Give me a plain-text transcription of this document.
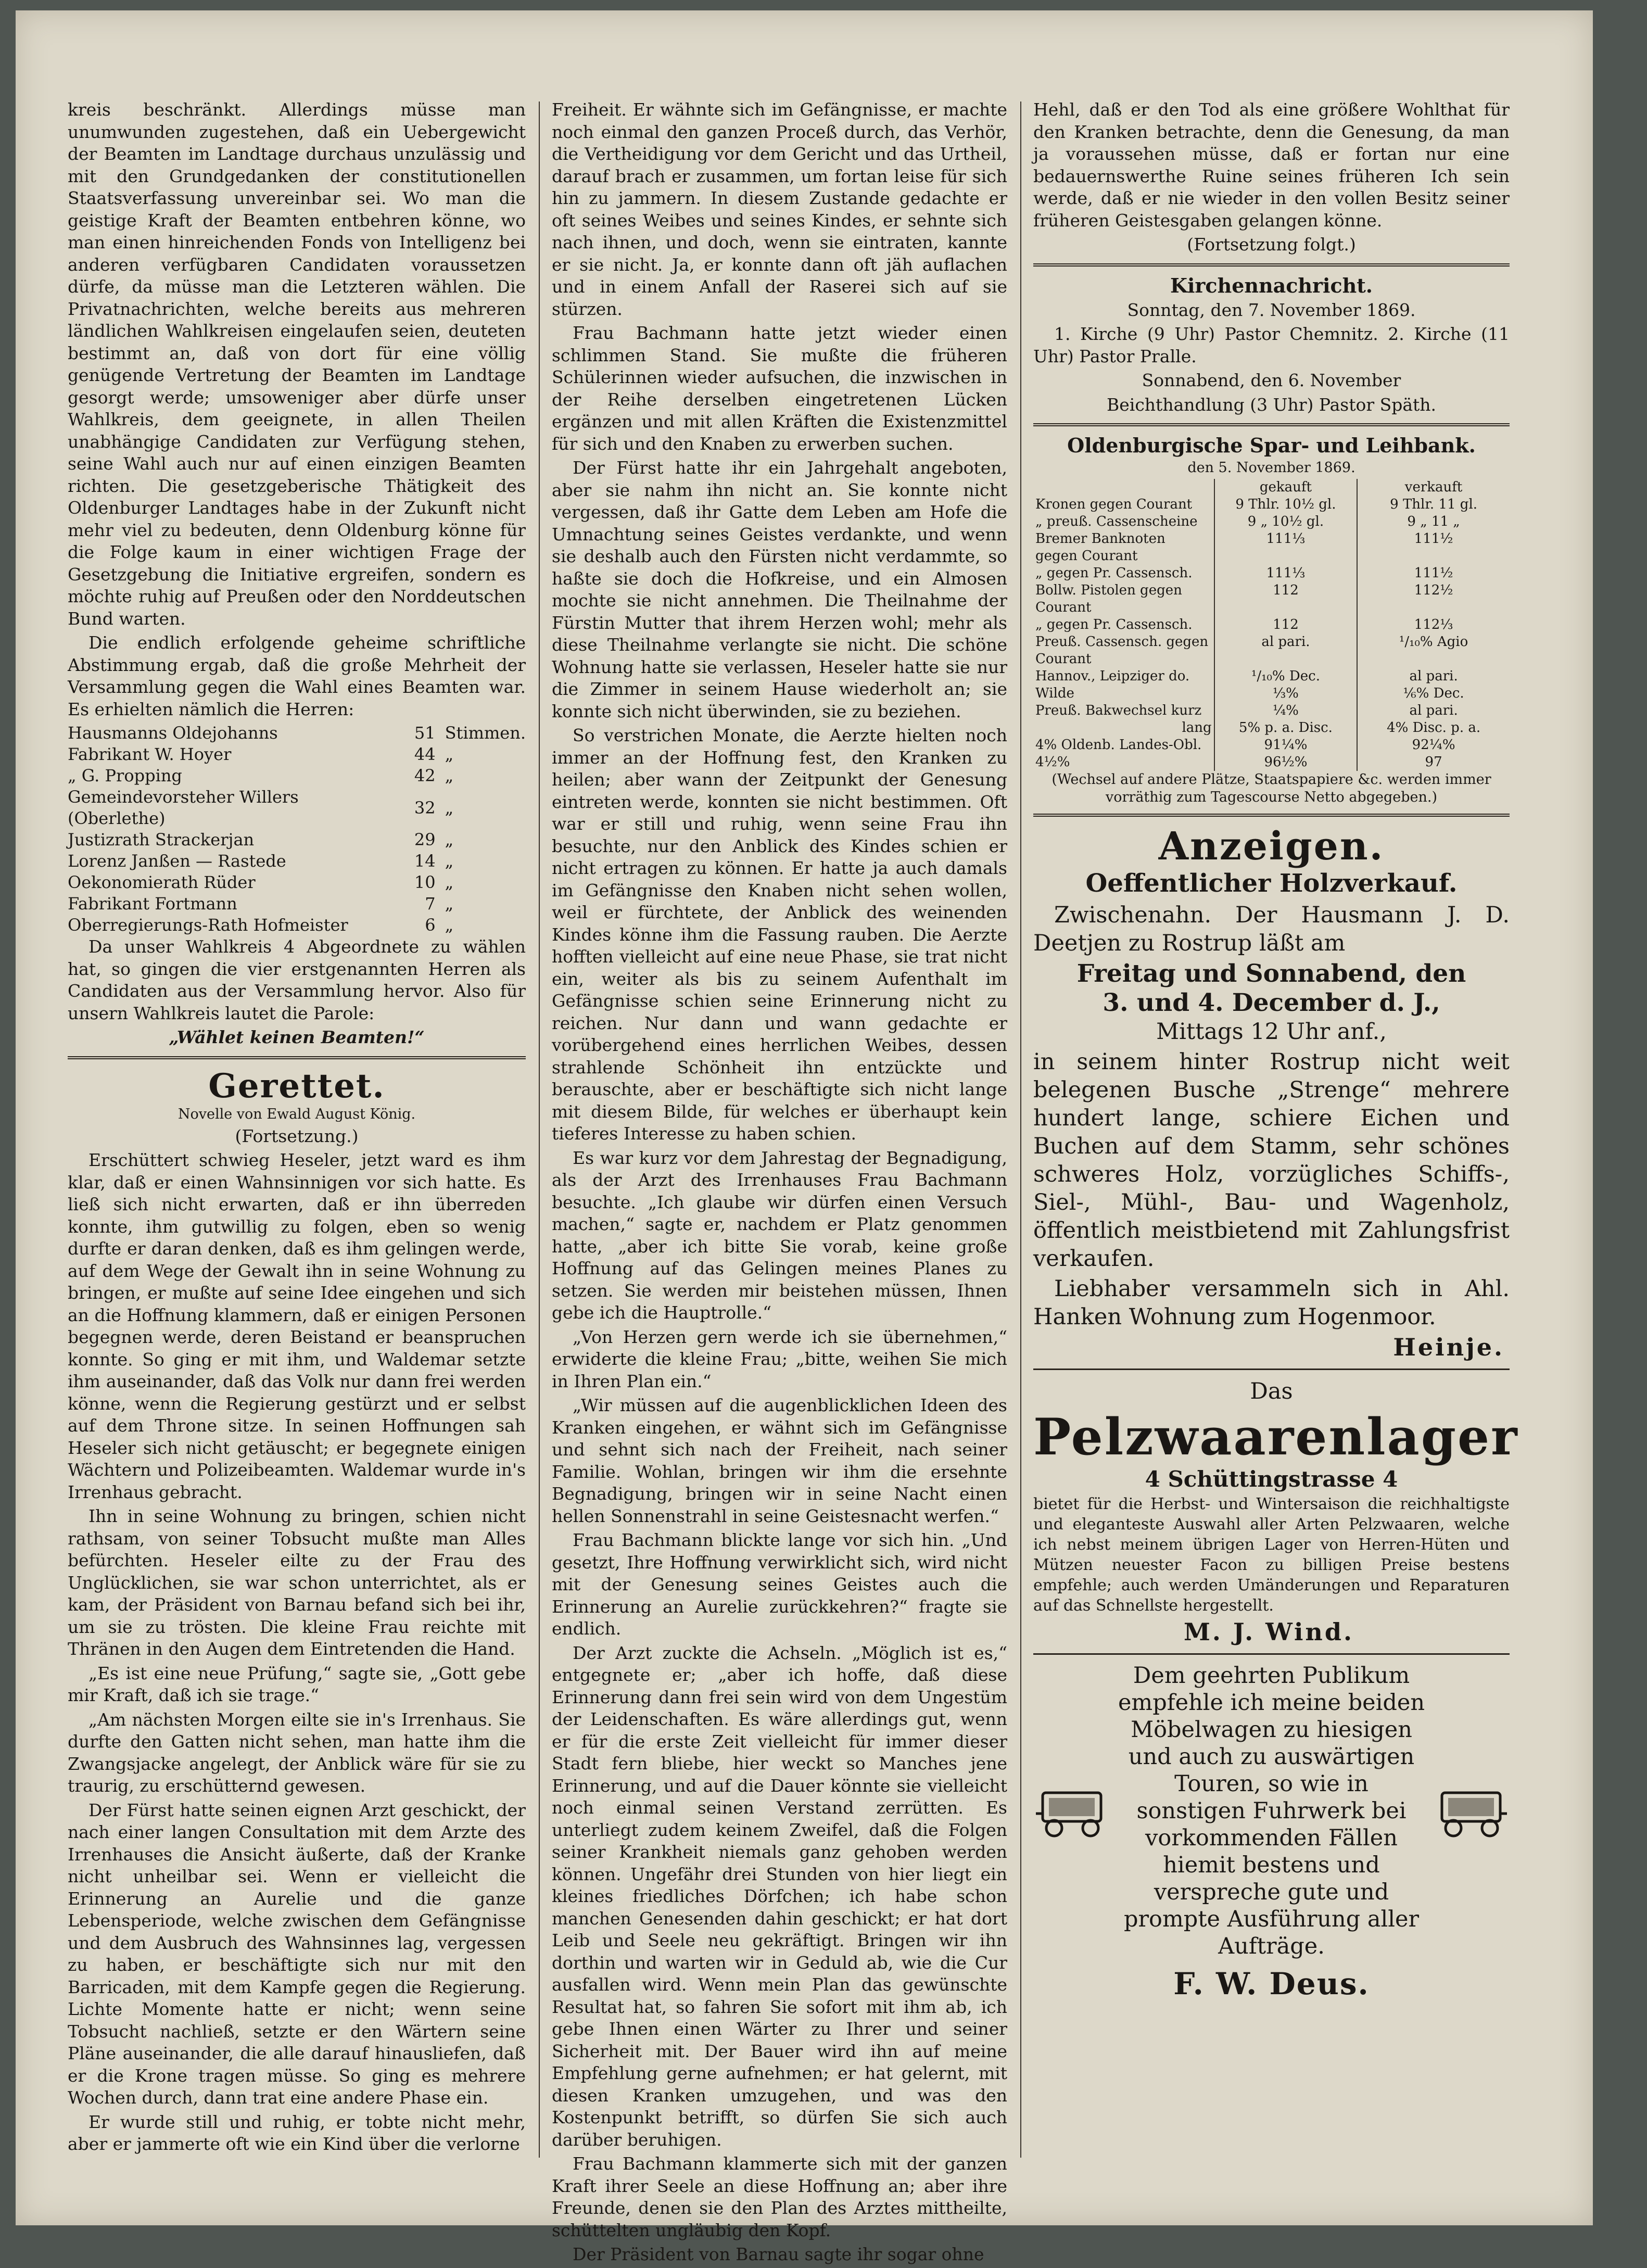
kreis beschränkt. Allerdings müsse man unumwunden zugestehen, daß ein Uebergewicht der Beamten im Landtage durchaus unzulässig und mit den Grundgedanken der constitutionellen Staatsverfassung unvereinbar sei. Wo man die geistige Kraft der Beamten entbehren könne, wo man einen hinreichenden Fonds von Intelligenz bei anderen verfügbaren Candidaten voraussetzen dürfe, da müsse man die Letzteren wählen. Die Privatnachrichten, welche bereits aus mehreren ländlichen Wahlkreisen eingelaufen seien, deuteten bestimmt an, daß von dort für eine völlig genügende Vertretung der Beamten im Landtage gesorgt werde; umsoweniger aber dürfe unser Wahlkreis, dem geeignete, in allen Theilen unabhängige Candidaten zur Verfügung stehen, seine Wahl auch nur auf einen einzigen Beamten richten. Die gesetzgeberische Thätigkeit des Oldenburger Landtages habe in der Zukunft nicht mehr viel zu bedeuten, denn Oldenburg könne für die Folge kaum in einer wichtigen Frage der Gesetzgebung die Initiative ergreifen, sondern es möchte ruhig auf Preußen oder den Norddeutschen Bund warten.

Die endlich erfolgende geheime schriftliche Abstimmung ergab, daß die große Mehrheit der Versammlung gegen die Wahl eines Beamten war. Es erhielten nämlich die Herren:

Hausmanns Oldejohanns	51	Stimmen.
Fabrikant W. Hoyer	44	„
„ G. Propping	42	„
Gemeindevorsteher Willers (Oberlethe)	32	„
Justizrath Strackerjan	29	„
Lorenz Janßen — Rastede	14	„
Oekonomierath Rüder	10	„
Fabrikant Fortmann	7	„
Oberregierungs-Rath Hofmeister	6	„

Da unser Wahlkreis 4 Abgeordnete zu wählen hat, so gingen die vier erstgenannten Herren als Candidaten aus der Versammlung hervor. Also für unsern Wahlkreis lautet die Parole:

„Wählet keinen Beamten!“

Gerettet.

Novelle von Ewald August König.

(Fortsetzung.)

Erschüttert schwieg Heseler, jetzt ward es ihm klar, daß er einen Wahnsinnigen vor sich hatte. Es ließ sich nicht erwarten, daß er ihn überreden konnte, ihm gutwillig zu folgen, eben so wenig durfte er daran denken, daß es ihm gelingen werde, auf dem Wege der Gewalt ihn in seine Wohnung zu bringen, er mußte auf seine Idee eingehen und sich an die Hoffnung klammern, daß er einigen Personen begegnen werde, deren Beistand er beanspruchen konnte. So ging er mit ihm, und Waldemar setzte ihm auseinander, daß das Volk nur dann frei werden könne, wenn die Regierung gestürzt und er selbst auf dem Throne sitze. In seinen Hoffnungen sah Heseler sich nicht getäuscht; er begegnete einigen Wächtern und Polizeibeamten. Waldemar wurde in's Irrenhaus gebracht.

Ihn in seine Wohnung zu bringen, schien nicht rathsam, von seiner Tobsucht mußte man Alles befürchten. Heseler eilte zu der Frau des Unglücklichen, sie war schon unterrichtet, als er kam, der Präsident von Barnau befand sich bei ihr, um sie zu trösten. Die kleine Frau reichte mit Thränen in den Augen dem Eintretenden die Hand.

„Es ist eine neue Prüfung,“ sagte sie, „Gott gebe mir Kraft, daß ich sie trage.“

„Am nächsten Morgen eilte sie in's Irrenhaus. Sie durfte den Gatten nicht sehen, man hatte ihm die Zwangsjacke angelegt, der Anblick wäre für sie zu traurig, zu erschütternd gewesen.

Der Fürst hatte seinen eignen Arzt geschickt, der nach einer langen Consultation mit dem Arzte des Irrenhauses die Ansicht äußerte, daß der Kranke nicht unheilbar sei. Wenn er vielleicht die Erinnerung an Aurelie und die ganze Lebensperiode, welche zwischen dem Gefängnisse und dem Ausbruch des Wahnsinnes lag, vergessen zu haben, er beschäftigte sich nur mit den Barricaden, mit dem Kampfe gegen die Regierung. Lichte Momente hatte er nicht; wenn seine Tobsucht nachließ, setzte er den Wärtern seine Pläne auseinander, die alle darauf hinausliefen, daß er die Krone tragen müsse. So ging es mehrere Wochen durch, dann trat eine andere Phase ein.

Er wurde still und ruhig, er tobte nicht mehr, aber er jammerte oft wie ein Kind über die verlorne

Freiheit. Er wähnte sich im Gefängnisse, er machte noch einmal den ganzen Proceß durch, das Verhör, die Vertheidigung vor dem Gericht und das Urtheil, darauf brach er zusammen, um fortan leise für sich hin zu jammern. In diesem Zustande gedachte er oft seines Weibes und seines Kindes, er sehnte sich nach ihnen, und doch, wenn sie eintraten, kannte er sie nicht. Ja, er konnte dann oft jäh auflachen und in einem Anfall der Raserei sich auf sie stürzen.

Frau Bachmann hatte jetzt wieder einen schlimmen Stand. Sie mußte die früheren Schülerinnen wieder aufsuchen, die inzwischen in der Reihe derselben eingetretenen Lücken ergänzen und mit allen Kräften die Existenzmittel für sich und den Knaben zu erwerben suchen.

Der Fürst hatte ihr ein Jahrgehalt angeboten, aber sie nahm ihn nicht an. Sie konnte nicht vergessen, daß ihr Gatte dem Leben am Hofe die Umnachtung seines Geistes verdankte, und wenn sie deshalb auch den Fürsten nicht verdammte, so haßte sie doch die Hofkreise, und ein Almosen mochte sie nicht annehmen. Die Theilnahme der Fürstin Mutter that ihrem Herzen wohl; mehr als diese Theilnahme verlangte sie nicht. Die schöne Wohnung hatte sie verlassen, Heseler hatte sie nur die Zimmer in seinem Hause wiederholt an; sie konnte sich nicht überwinden, sie zu beziehen.

So verstrichen Monate, die Aerzte hielten noch immer an der Hoffnung fest, den Kranken zu heilen; aber wann der Zeitpunkt der Genesung eintreten werde, konnten sie nicht bestimmen. Oft war er still und ruhig, wenn seine Frau ihn besuchte, nur den Anblick des Kindes schien er nicht ertragen zu können. Er hatte ja auch damals im Gefängnisse den Knaben nicht sehen wollen, weil er fürchtete, der Anblick des weinenden Kindes könne ihm die Fassung rauben. Die Aerzte hofften vielleicht auf eine neue Phase, sie trat nicht ein, weiter als bis zu seinem Aufenthalt im Gefängnisse schien seine Erinnerung nicht zu reichen. Nur dann und wann gedachte er vorübergehend eines herrlichen Weibes, dessen strahlende Schönheit ihn entzückte und berauschte, aber er beschäftigte sich nicht lange mit diesem Bilde, für welches er überhaupt kein tieferes Interesse zu haben schien.

Es war kurz vor dem Jahrestag der Begnadigung, als der Arzt des Irrenhauses Frau Bachmann besuchte. „Ich glaube wir dürfen einen Versuch machen,“ sagte er, nachdem er Platz genommen hatte, „aber ich bitte Sie vorab, keine große Hoffnung auf das Gelingen meines Planes zu setzen. Sie werden mir beistehen müssen, Ihnen gebe ich die Hauptrolle.“

„Von Herzen gern werde ich sie übernehmen,“ erwiderte die kleine Frau; „bitte, weihen Sie mich in Ihren Plan ein.“

„Wir müssen auf die augenblicklichen Ideen des Kranken eingehen, er wähnt sich im Gefängnisse und sehnt sich nach der Freiheit, nach seiner Familie. Wohlan, bringen wir ihm die ersehnte Begnadigung, bringen wir in seine Nacht einen hellen Sonnenstrahl in seine Geistesnacht werfen.“

Frau Bachmann blickte lange vor sich hin. „Und gesetzt, Ihre Hoffnung verwirklicht sich, wird nicht mit der Genesung seines Geistes auch die Erinnerung an Aurelie zurückkehren?“ fragte sie endlich.

Der Arzt zuckte die Achseln. „Möglich ist es,“ entgegnete er; „aber ich hoffe, daß diese Erinnerung dann frei sein wird von dem Ungestüm der Leidenschaften. Es wäre allerdings gut, wenn er für die erste Zeit vielleicht für immer dieser Stadt fern bliebe, hier weckt so Manches jene Erinnerung, und auf die Dauer könnte sie vielleicht noch einmal seinen Verstand zerrütten. Es unterliegt zudem keinem Zweifel, daß die Folgen seiner Krankheit niemals ganz gehoben werden können. Ungefähr drei Stunden von hier liegt ein kleines friedliches Dörfchen; ich habe schon manchen Genesenden dahin geschickt; er hat dort Leib und Seele neu gekräftigt. Bringen wir ihn dorthin und warten wir in Geduld ab, wie die Cur ausfallen wird. Wenn mein Plan das gewünschte Resultat hat, so fahren Sie sofort mit ihm ab, ich gebe Ihnen einen Wärter zu Ihrer und seiner Sicherheit mit. Der Bauer wird ihn auf meine Empfehlung gerne aufnehmen; er hat gelernt, mit diesen Kranken umzugehen, und was den Kostenpunkt betrifft, so dürfen Sie sich auch darüber beruhigen.

Frau Bachmann klammerte sich mit der ganzen Kraft ihrer Seele an diese Hoffnung an; aber ihre Freunde, denen sie den Plan des Arztes mittheilte, schüttelten ungläubig den Kopf.

Der Präsident von Barnau sagte ihr sogar ohne

Hehl, daß er den Tod als eine größere Wohlthat für den Kranken betrachte, denn die Genesung, da man ja voraussehen müsse, daß er fortan nur eine bedauernswerthe Ruine seines früheren Ich sein werde, daß er nie wieder in den vollen Besitz seiner früheren Geistesgaben gelangen könne.

(Fortsetzung folgt.)

Kirchennachricht.

Sonntag, den 7. November 1869.

1. Kirche (9 Uhr) Pastor Chemnitz. 2. Kirche (11 Uhr) Pastor Pralle.

Sonnabend, den 6. November

Beichthandlung (3 Uhr) Pastor Späth.

Oldenburgische Spar- und Leihbank.

den 5. November 1869.

	gekauft	verkauft
Kronen gegen Courant	9 Thlr. 10½ gl.	9 Thlr. 11 gl.
„ preuß. Cassenscheine	9 „ 10½ gl.	9 „ 11 „
Bremer Banknoten gegen Courant	111⅓	111½
„ gegen Pr. Cassensch.	111⅓	111½
Bollw. Pistolen gegen Courant	112	112½
„ gegen Pr. Cassensch.	112	112⅓
Preuß. Cassensch. gegen Courant	al pari.	¹/₁₀% Agio
Hannov., Leipziger do.	¹/₁₀% Dec.	al pari.
Wilde	⅓%	⅙% Dec.
Preuß. Bakwechsel kurz	¼%	al pari.
lang	5% p. a. Disc.	4% Disc. p. a.
4% Oldenb. Landes-Obl.	91¼%	92¼%
4½%	96½%	97

(Wechsel auf andere Plätze, Staatspapiere &c. werden immer vorräthig zum Tagescourse Netto abgegeben.)

Anzeigen.
Oeffentlicher Holzverkauf.

Zwischenahn. Der Hausmann J. D. Deetjen zu Rostrup läßt am

Freitag und Sonnabend, den

3. und 4. December d. J.,

Mittags 12 Uhr anf.,

in seinem hinter Rostrup nicht weit belegenen Busche „Strenge“ mehrere hundert lange, schiere Eichen und Buchen auf dem Stamm, sehr schönes schweres Holz, vorzügliches Schiffs-, Siel-, Mühl-, Bau- und Wagenholz, öffentlich meistbietend mit Zahlungsfrist verkaufen.

Liebhaber versammeln sich in Ahl. Hanken Wohnung zum Hogenmoor.

Heinje.

Das

Pelzwaarenlager
4 Schüttingstrasse 4

bietet für die Herbst- und Wintersaison die reichhaltigste und eleganteste Auswahl aller Arten Pelzwaaren, welche ich nebst meinem übrigen Lager von Herren-Hüten und Mützen neuester Facon zu billigen Preise bestens empfehle; auch werden Umänderungen und Reparaturen auf das Schnellste hergestellt.

M. J. Wind.

Dem geehrten Publikum empfehle ich meine beiden Möbelwagen zu hiesigen und auch zu auswärtigen Touren, so wie in sonstigen Fuhrwerk bei vorkommenden Fällen hiemit bestens und verspreche gute und prompte Ausführung aller Aufträge.

F. W. Deus.
